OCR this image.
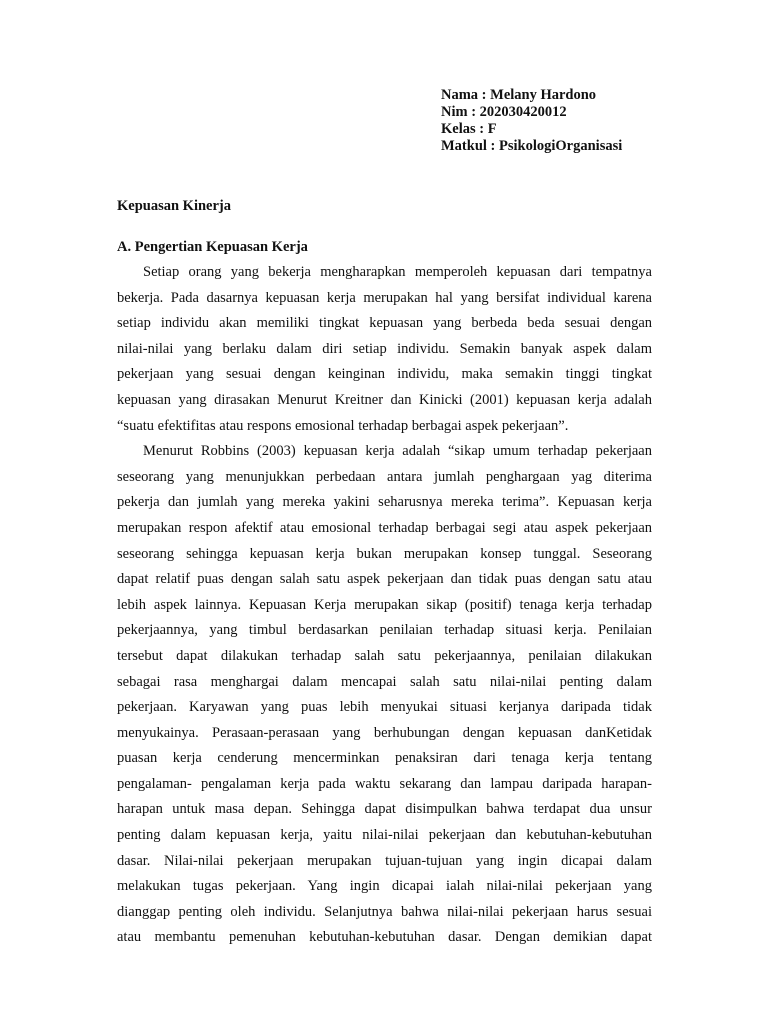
Nama : Melany Hardono
Nim : 202030420012
Kelas : F
Matkul : PsikologiOrganisasi
Kepuasan Kinerja
A. Pengertian Kepuasan Kerja
Setiap orang yang bekerja mengharapkan memperoleh kepuasan dari tempatnya
bekerja. Pada dasarnya kepuasan kerja merupakan hal yang bersifat individual karena
setiap individu akan memiliki tingkat kepuasan yang berbeda beda sesuai dengan
nilai-nilai yang berlaku dalam diri setiap individu. Semakin banyak aspek dalam
pekerjaan yang sesuai dengan keinginan individu, maka semakin tinggi tingkat
kepuasan yang dirasakan Menurut Kreitner dan Kinicki (2001) kepuasan kerja adalah
“suatu efektifitas atau respons emosional terhadap berbagai aspek pekerjaan”.
Menurut Robbins (2003) kepuasan kerja adalah “sikap umum terhadap pekerjaan
seseorang yang menunjukkan perbedaan antara jumlah penghargaan yag diterima
pekerja dan jumlah yang mereka yakini seharusnya mereka terima”. Kepuasan kerja
merupakan respon afektif atau emosional terhadap berbagai segi atau aspek pekerjaan
seseorang sehingga kepuasan kerja bukan merupakan konsep tunggal. Seseorang
dapat relatif puas dengan salah satu aspek pekerjaan dan tidak puas dengan satu atau
lebih aspek lainnya. Kepuasan Kerja merupakan sikap (positif) tenaga kerja terhadap
pekerjaannya, yang timbul berdasarkan penilaian terhadap situasi kerja. Penilaian
tersebut dapat dilakukan terhadap salah satu pekerjaannya, penilaian dilakukan
sebagai rasa menghargai dalam mencapai salah satu nilai-nilai penting dalam
pekerjaan. Karyawan yang puas lebih menyukai situasi kerjanya daripada tidak
menyukainya. Perasaan-perasaan yang berhubungan dengan kepuasan danKetidak
puasan kerja cenderung mencerminkan penaksiran dari tenaga kerja tentang
pengalaman- pengalaman kerja pada waktu sekarang dan lampau daripada harapan-
harapan untuk masa depan. Sehingga dapat disimpulkan bahwa terdapat dua unsur
penting dalam kepuasan kerja, yaitu nilai-nilai pekerjaan dan kebutuhan-kebutuhan
dasar. Nilai-nilai pekerjaan merupakan tujuan-tujuan yang ingin dicapai dalam
melakukan tugas pekerjaan. Yang ingin dicapai ialah nilai-nilai pekerjaan yang
dianggap penting oleh individu. Selanjutnya bahwa nilai-nilai pekerjaan harus sesuai
atau membantu pemenuhan kebutuhan-kebutuhan dasar. Dengan demikian dapat
